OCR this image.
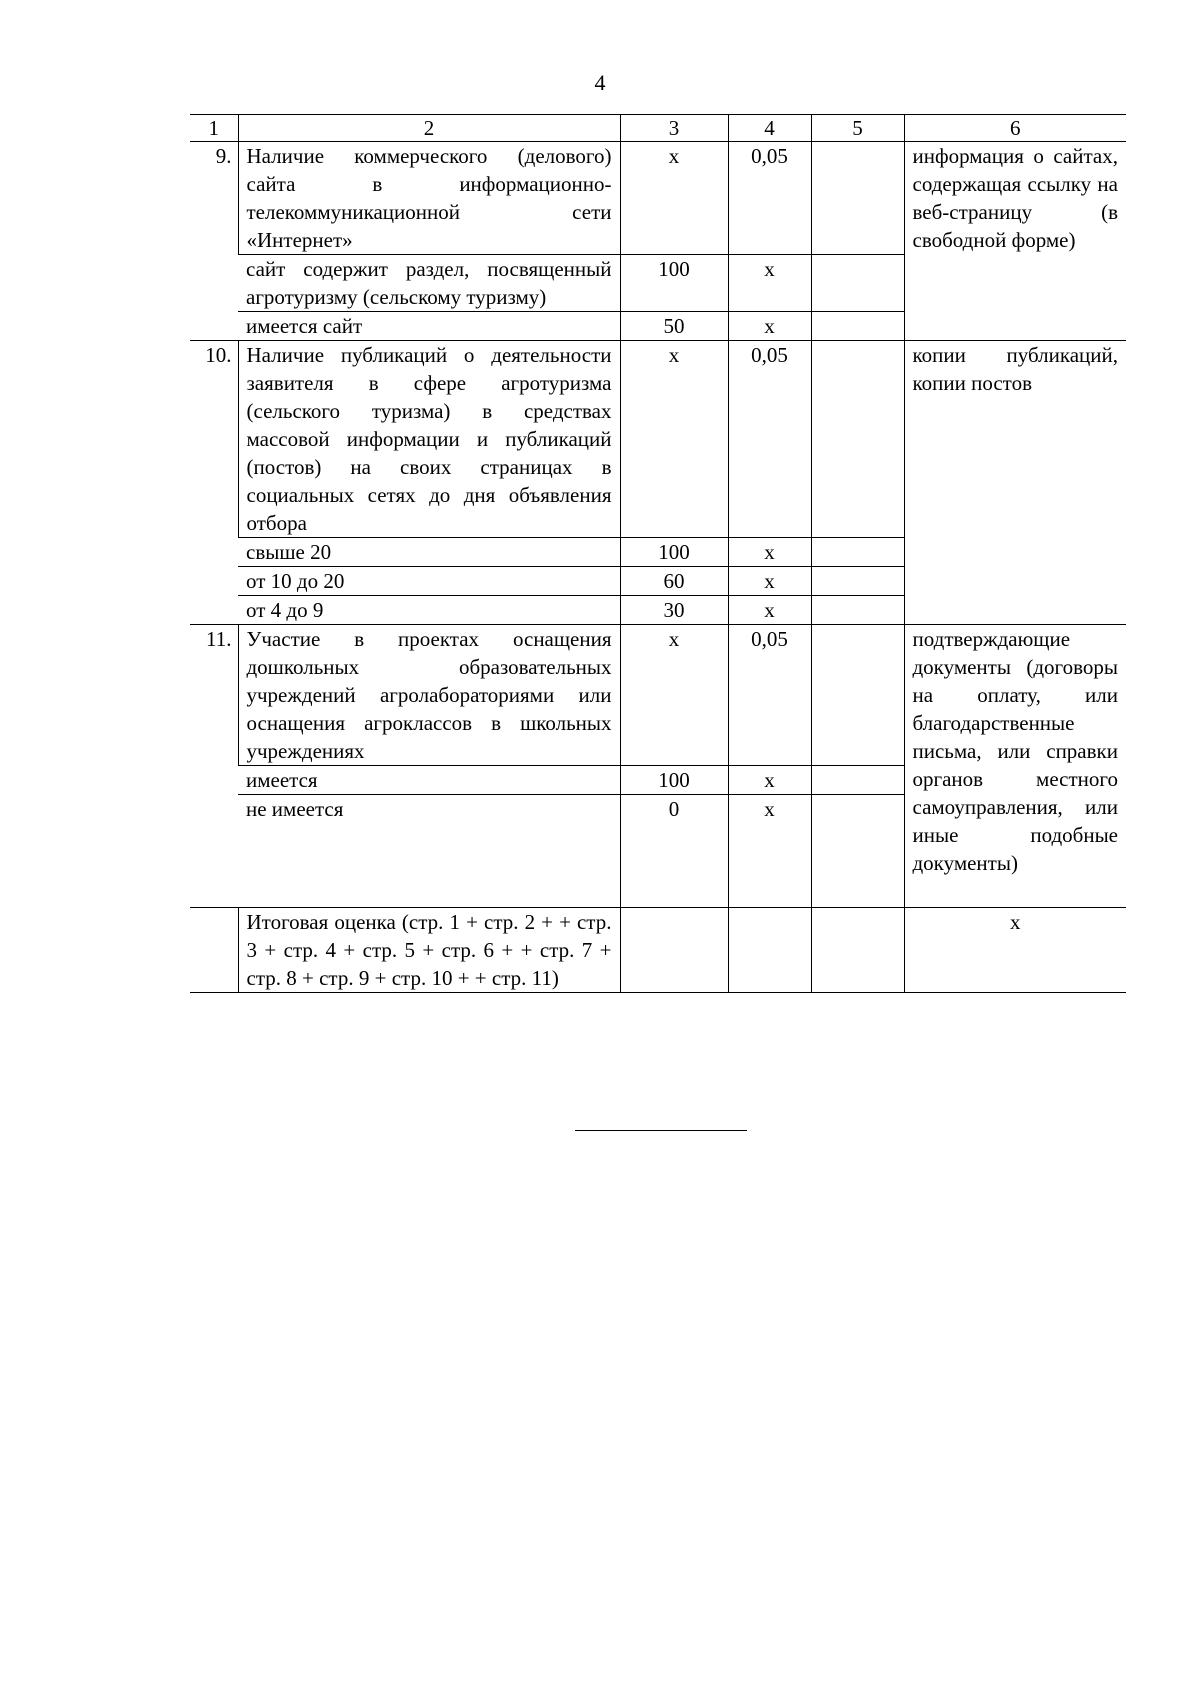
4
1	2	3	4	5	6
9.	Наличие коммерческого (делового) сайта в информационно-телекоммуникационной сети «Интернет»	х	0,05		информация о сайтах, содержащая ссылку на веб-страницу (в свободной форме)
	сайт содержит раздел, посвященный агротуризму (сельскому туризму)	100	х		
	имеется сайт	50	х		
10.	Наличие публикаций о деятельности заявителя в сфере агротуризма (сельского туризма) в средствах массовой информации и публикаций (постов) на своих страницах в социальных сетях до дня объявления отбора	х	0,05		копии публикаций, копии постов
	свыше 20	100	х		
	от 10 до 20	60	х		
	от 4 до 9	30	х		
11.	Участие в проектах оснащения дошкольных образовательных учреждений агролабораториями или оснащения агроклассов в школьных учреждениях	х	0,05		подтверждающие документы (договоры на оплату, или благодарственные письма, или справки органов местного самоуправления, или иные подобные документы)
	имеется	100	х		
	не имеется	0	х		
	Итоговая оценка (стр. 1 + стр. 2 + + стр. 3 + стр. 4 + стр. 5 + стр. 6 + + стр. 7 + стр. 8 + стр. 9 + стр. 10 + + стр. 11)				х
